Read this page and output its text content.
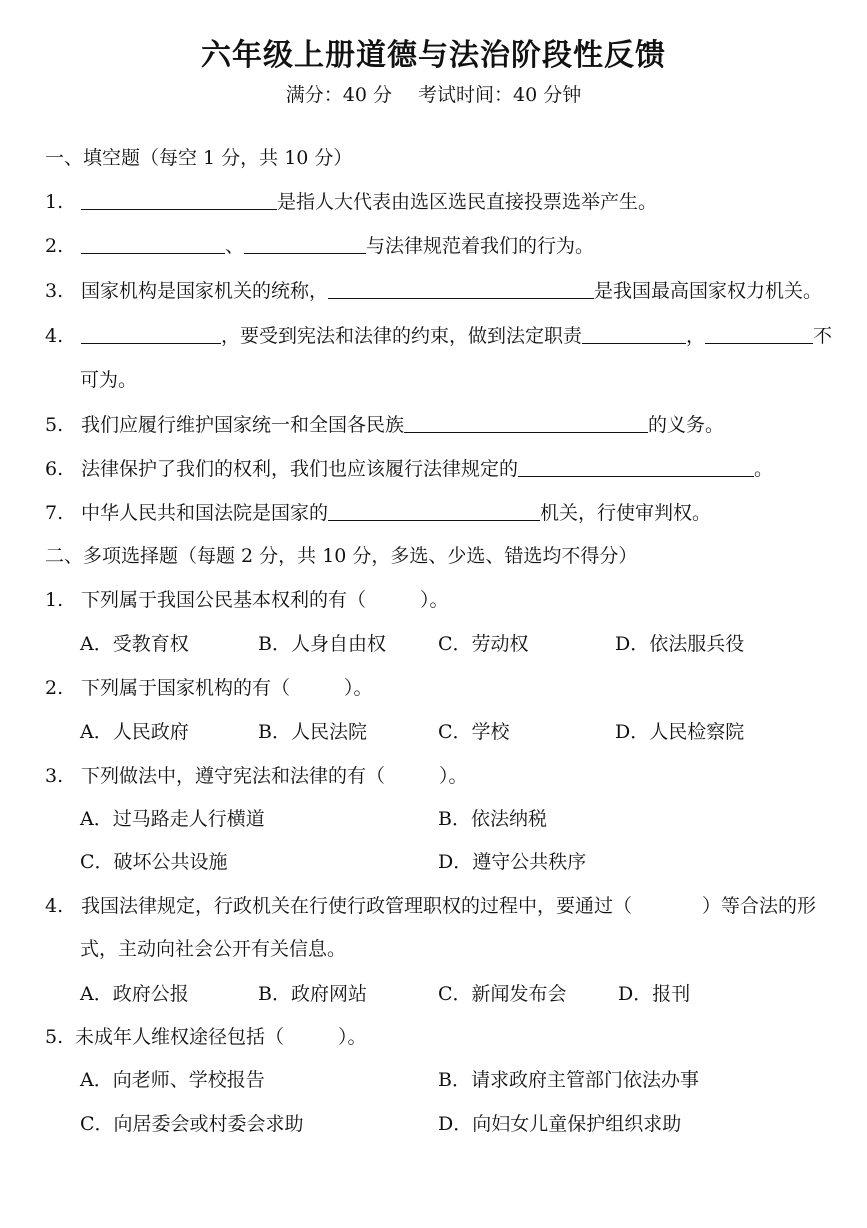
六年级上册道德与法治阶段性反馈
满分：40 分 考试时间：40 分钟
一、填空题（每空 1 分，共 10 分）
1.	是指人大代表由选区选民直接投票选举产生。
2.	、	与法律规范着我们的行为。
3. 国家机构是国家机关的统称，	是我国最高国家权力机关。
4.	，要受到宪法和法律的约束，做到法定职责	，	不
可为。
5. 我们应履行维护国家统一和全国各民族	的义务。
6. 法律保护了我们的权利，我们也应该履行法律规定的	。
7. 中华人民共和国法院是国家的	机关，行使审判权。
二、多项选择题（每题 2 分，共 10 分，多选、少选、错选均不得分）
1. 下列属于我国公民基本权利的有（	）。
A．受教育权	B．人身自由权	C．劳动权	D．依法服兵役
2. 下列属于国家机构的有（	）。
A．人民政府	B．人民法院	C．学校	D．人民检察院
3. 下列做法中，遵守宪法和法律的有（	）。
A．过马路走人行横道	B．依法纳税
C．破坏公共设施	D．遵守公共秩序
4. 我国法律规定，行政机关在行使行政管理职权的过程中，要通过（	）等合法的形
式，主动向社会公开有关信息。
A．政府公报	B．政府网站	C．新闻发布会	D．报刊
5. 未成年人维权途径包括（	）。
A．向老师、学校报告	B．请求政府主管部门依法办事
C．向居委会或村委会求助	D．向妇女儿童保护组织求助
